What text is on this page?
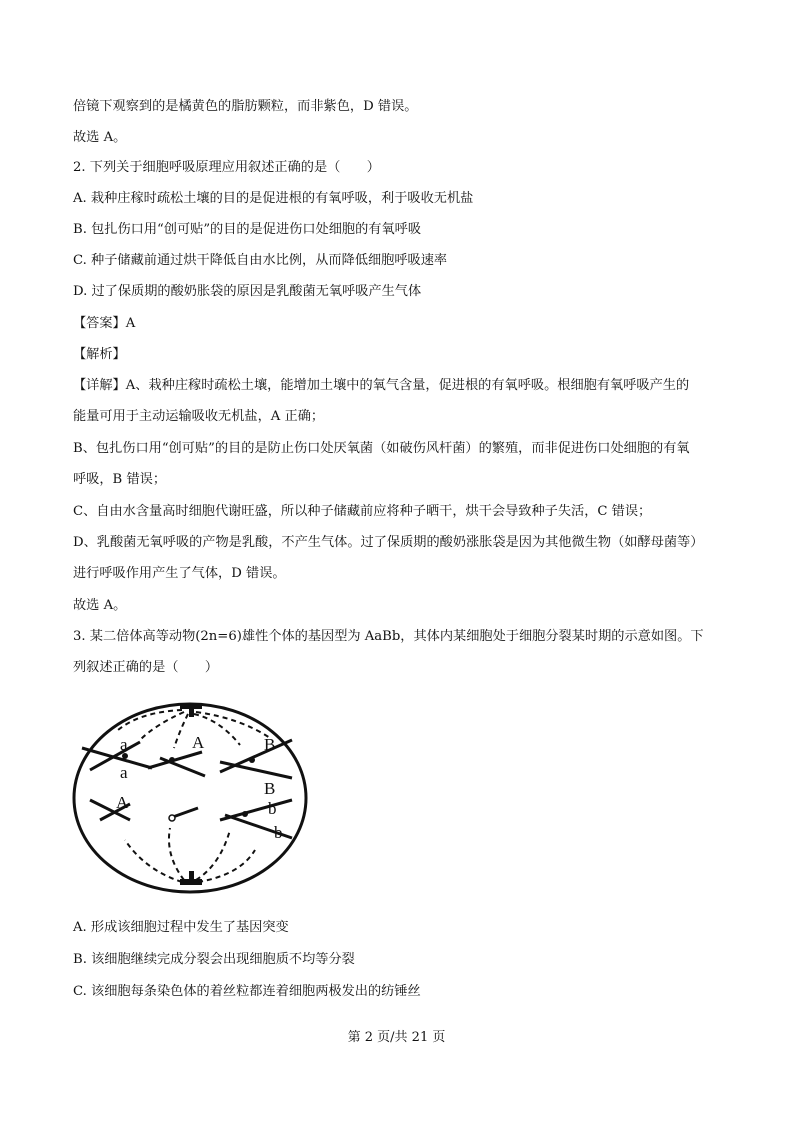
倍镜下观察到的是橘黄色的脂肪颗粒，而非紫色，D 错误。
故选 A。
2. 下列关于细胞呼吸原理应用叙述正确的是（　　）
A. 栽种庄稼时疏松土壤的目的是促进根的有氧呼吸，利于吸收无机盐
B. 包扎伤口用“创可贴”的目的是促进伤口处细胞的有氧呼吸
C. 种子储藏前通过烘干降低自由水比例，从而降低细胞呼吸速率
D. 过了保质期的酸奶胀袋的原因是乳酸菌无氧呼吸产生气体
【答案】A
【解析】
【详解】A、栽种庄稼时疏松土壤，能增加土壤中的氧气含量，促进根的有氧呼吸。根细胞有氧呼吸产生的
能量可用于主动运输吸收无机盐，A 正确；
B、包扎伤口用“创可贴”的目的是防止伤口处厌氧菌（如破伤风杆菌）的繁殖，而非促进伤口处细胞的有氧
呼吸，B 错误；
C、自由水含量高时细胞代谢旺盛，所以种子储藏前应将种子晒干，烘干会导致种子失活，C 错误；
D、乳酸菌无氧呼吸的产物是乳酸，不产生气体。过了保质期的酸奶涨胀袋是因为其他微生物（如酵母菌等）
进行呼吸作用产生了气体，D 错误。
故选 A。
3. 某二倍体高等动物(2n=6)雄性个体的基因型为 AaBb，其体内某细胞处于细胞分裂某时期的示意如图。下
列叙述正确的是（　　）
a
a
A	B
B
A	b
b
A. 形成该细胞过程中发生了基因突变
B. 该细胞继续完成分裂会出现细胞质不均等分裂
C. 该细胞每条染色体的着丝粒都连着细胞两极发出的纺锤丝
第 2 页/共 21 页
